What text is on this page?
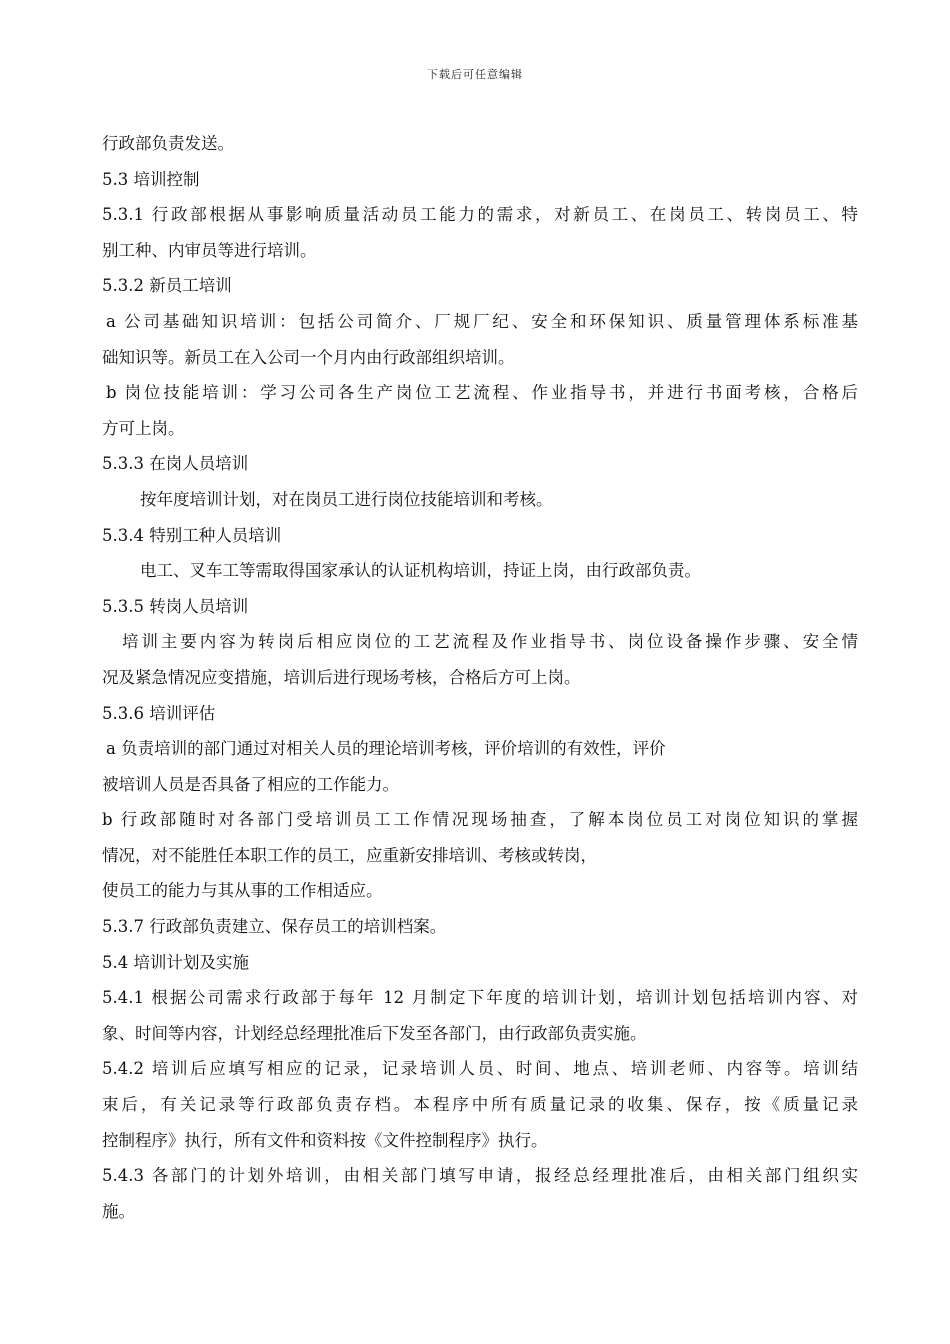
下载后可任意编辑
行政部负责发送。
5.3 培训控制
5.3.1 行政部根据从事影响质量活动员工能力的需求，对新员工、在岗员工、转岗员工、特
别工种、内审员等进行培训。
5.3.2 新员工培训
a 公司基础知识培训：包括公司简介、厂规厂纪、安全和环保知识、质量管理体系标准基
础知识等。新员工在入公司一个月内由行政部组织培训。
b 岗位技能培训：学习公司各生产岗位工艺流程、作业指导书，并进行书面考核，合格后
方可上岗。
5.3.3 在岗人员培训
按年度培训计划，对在岗员工进行岗位技能培训和考核。
5.3.4 特别工种人员培训
电工、叉车工等需取得国家承认的认证机构培训，持证上岗，由行政部负责。
5.3.5 转岗人员培训
培训主要内容为转岗后相应岗位的工艺流程及作业指导书、岗位设备操作步骤、安全情
况及紧急情况应变措施，培训后进行现场考核，合格后方可上岗。
5.3.6 培训评估
a 负责培训的部门通过对相关人员的理论培训考核，评价培训的有效性，评价
被培训人员是否具备了相应的工作能力。
b 行政部随时对各部门受培训员工工作情况现场抽查，了解本岗位员工对岗位知识的掌握
情况，对不能胜任本职工作的员工，应重新安排培训、考核或转岗，
使员工的能力与其从事的工作相适应。
5.3.7 行政部负责建立、保存员工的培训档案。
5.4 培训计划及实施
5.4.1 根据公司需求行政部于每年 12 月制定下年度的培训计划，培训计划包括培训内容、对
象、时间等内容，计划经总经理批准后下发至各部门，由行政部负责实施。
5.4.2 培训后应填写相应的记录，记录培训人员、时间、地点、培训老师、内容等。培训结
束后，有关记录等行政部负责存档。本程序中所有质量记录的收集、保存，按《质量记录
控制程序》执行，所有文件和资料按《文件控制程序》执行。
5.4.3 各部门的计划外培训，由相关部门填写申请，报经总经理批准后，由相关部门组织实
施。
